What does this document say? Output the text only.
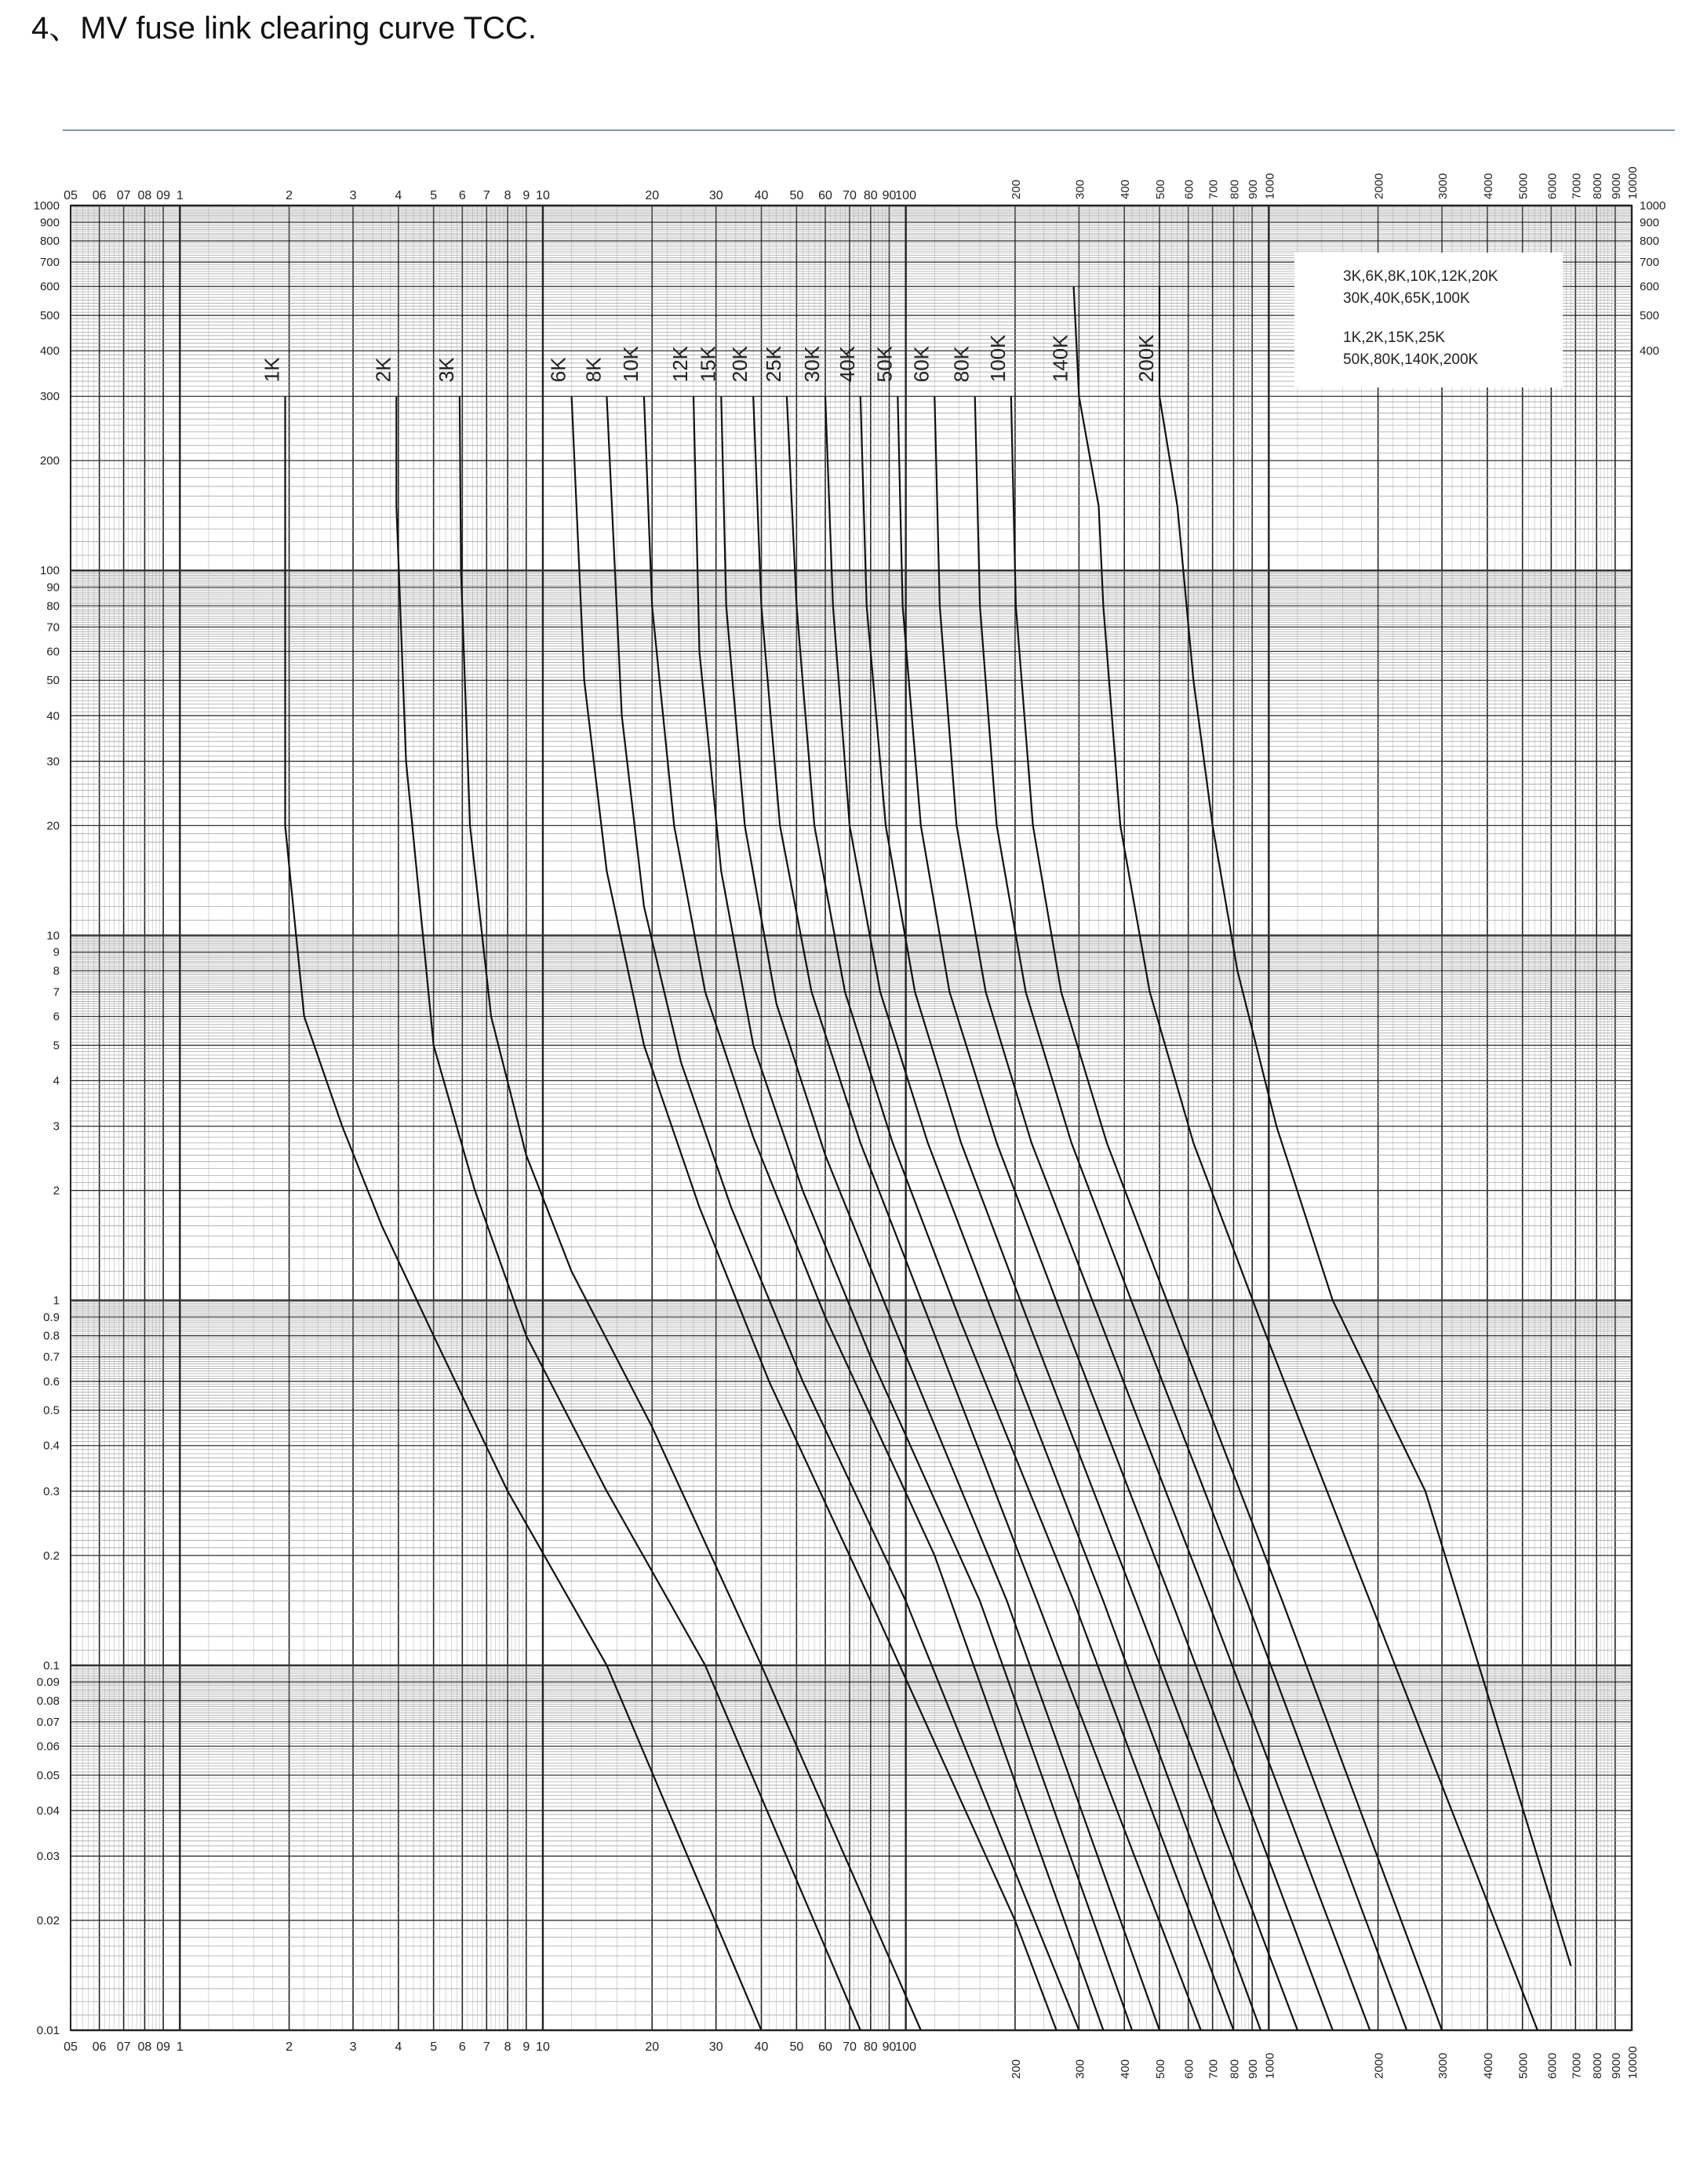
4、MV fuse link clearing curve TCC.
1K	2K 3K	6K 8K 10K 12K 15K 20K 25K 30K 40K 50K 60K 80K 100K 140K	200K
05
05
06
06
07
07
08
08
09
09
1
1
2
2
3
3
4
4
5
5
6
6
7
7
8
8
9
9
10
10
20
20
30
30
40
40
50
50
60
60
70
70
80
80
90
90
100
100
200
200
300
300
400
400
500
500
600
600
700
700
800
800
900
900
1000
1000
2000
2000
3000
3000
4000
4000
5000
5000
6000
6000
7000
7000
8000
8000
9000
9000
10000
10000
1000
900
800
700
600
500
400
300
200
100
90
80
70
60
50
40
30
20
10
9
8
7
6
5
4
3
2
1
0.9
0.8
0.7
0.6
0.5
0.4
0.3
0.2
0.1
0.09
0.08
0.07
0.06
0.05
0.04
0.03
0.02
0.01
1000
900
800
700
600
500
400
3K,6K,8K,10K,12K,20K
30K,40K,65K,100K
1K,2K,15K,25K
50K,80K,140K,200K
